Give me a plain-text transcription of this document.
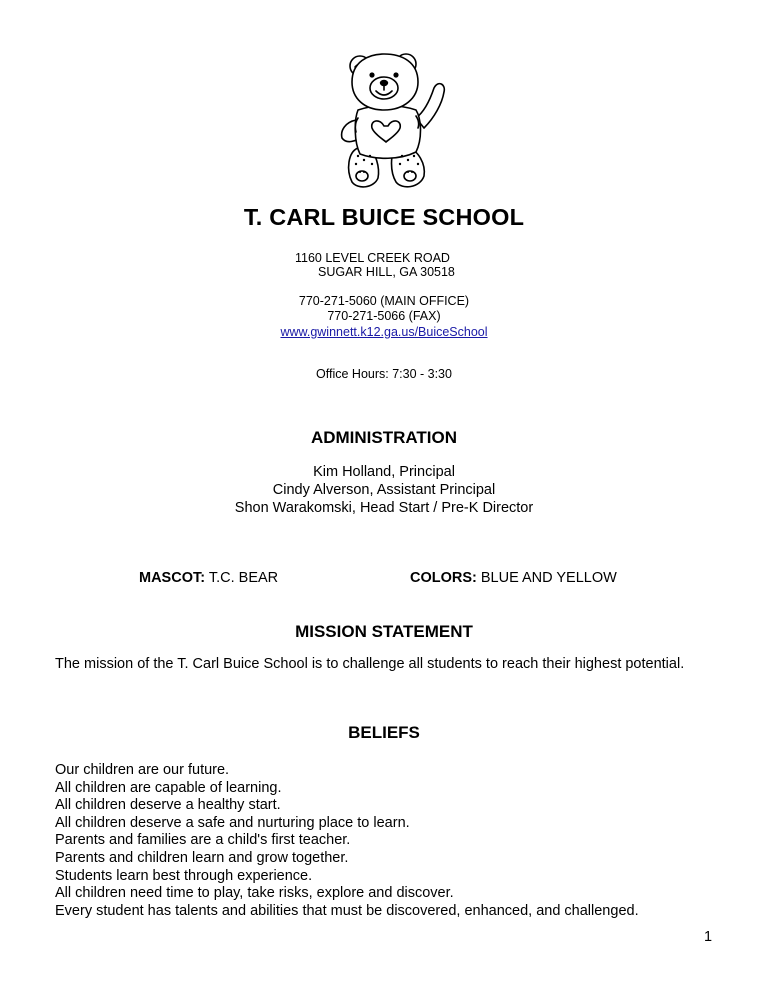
T. CARL BUICE SCHOOL
1160 LEVEL CREEK ROAD
SUGAR HILL, GA 30518
770-271-5060 (MAIN OFFICE)
770-271-5066 (FAX)
www.gwinnett.k12.ga.us/BuiceSchool
Office Hours: 7:30 - 3:30
ADMINISTRATION
Kim Holland, Principal
Cindy Alverson, Assistant Principal
Shon Warakomski, Head Start / Pre-K Director
MASCOT: T.C. BEAR	COLORS: BLUE AND YELLOW
MISSION STATEMENT
The mission of the T. Carl Buice School is to challenge all students to reach their highest potential.
BELIEFS
Our children are our future.
All children are capable of learning.
All children deserve a healthy start.
All children deserve a safe and nurturing place to learn.
Parents and families are a child's first teacher.
Parents and children learn and grow together.
Students learn best through experience.
All children need time to play, take risks, explore and discover.
Every student has talents and abilities that must be discovered, enhanced, and challenged.
1
